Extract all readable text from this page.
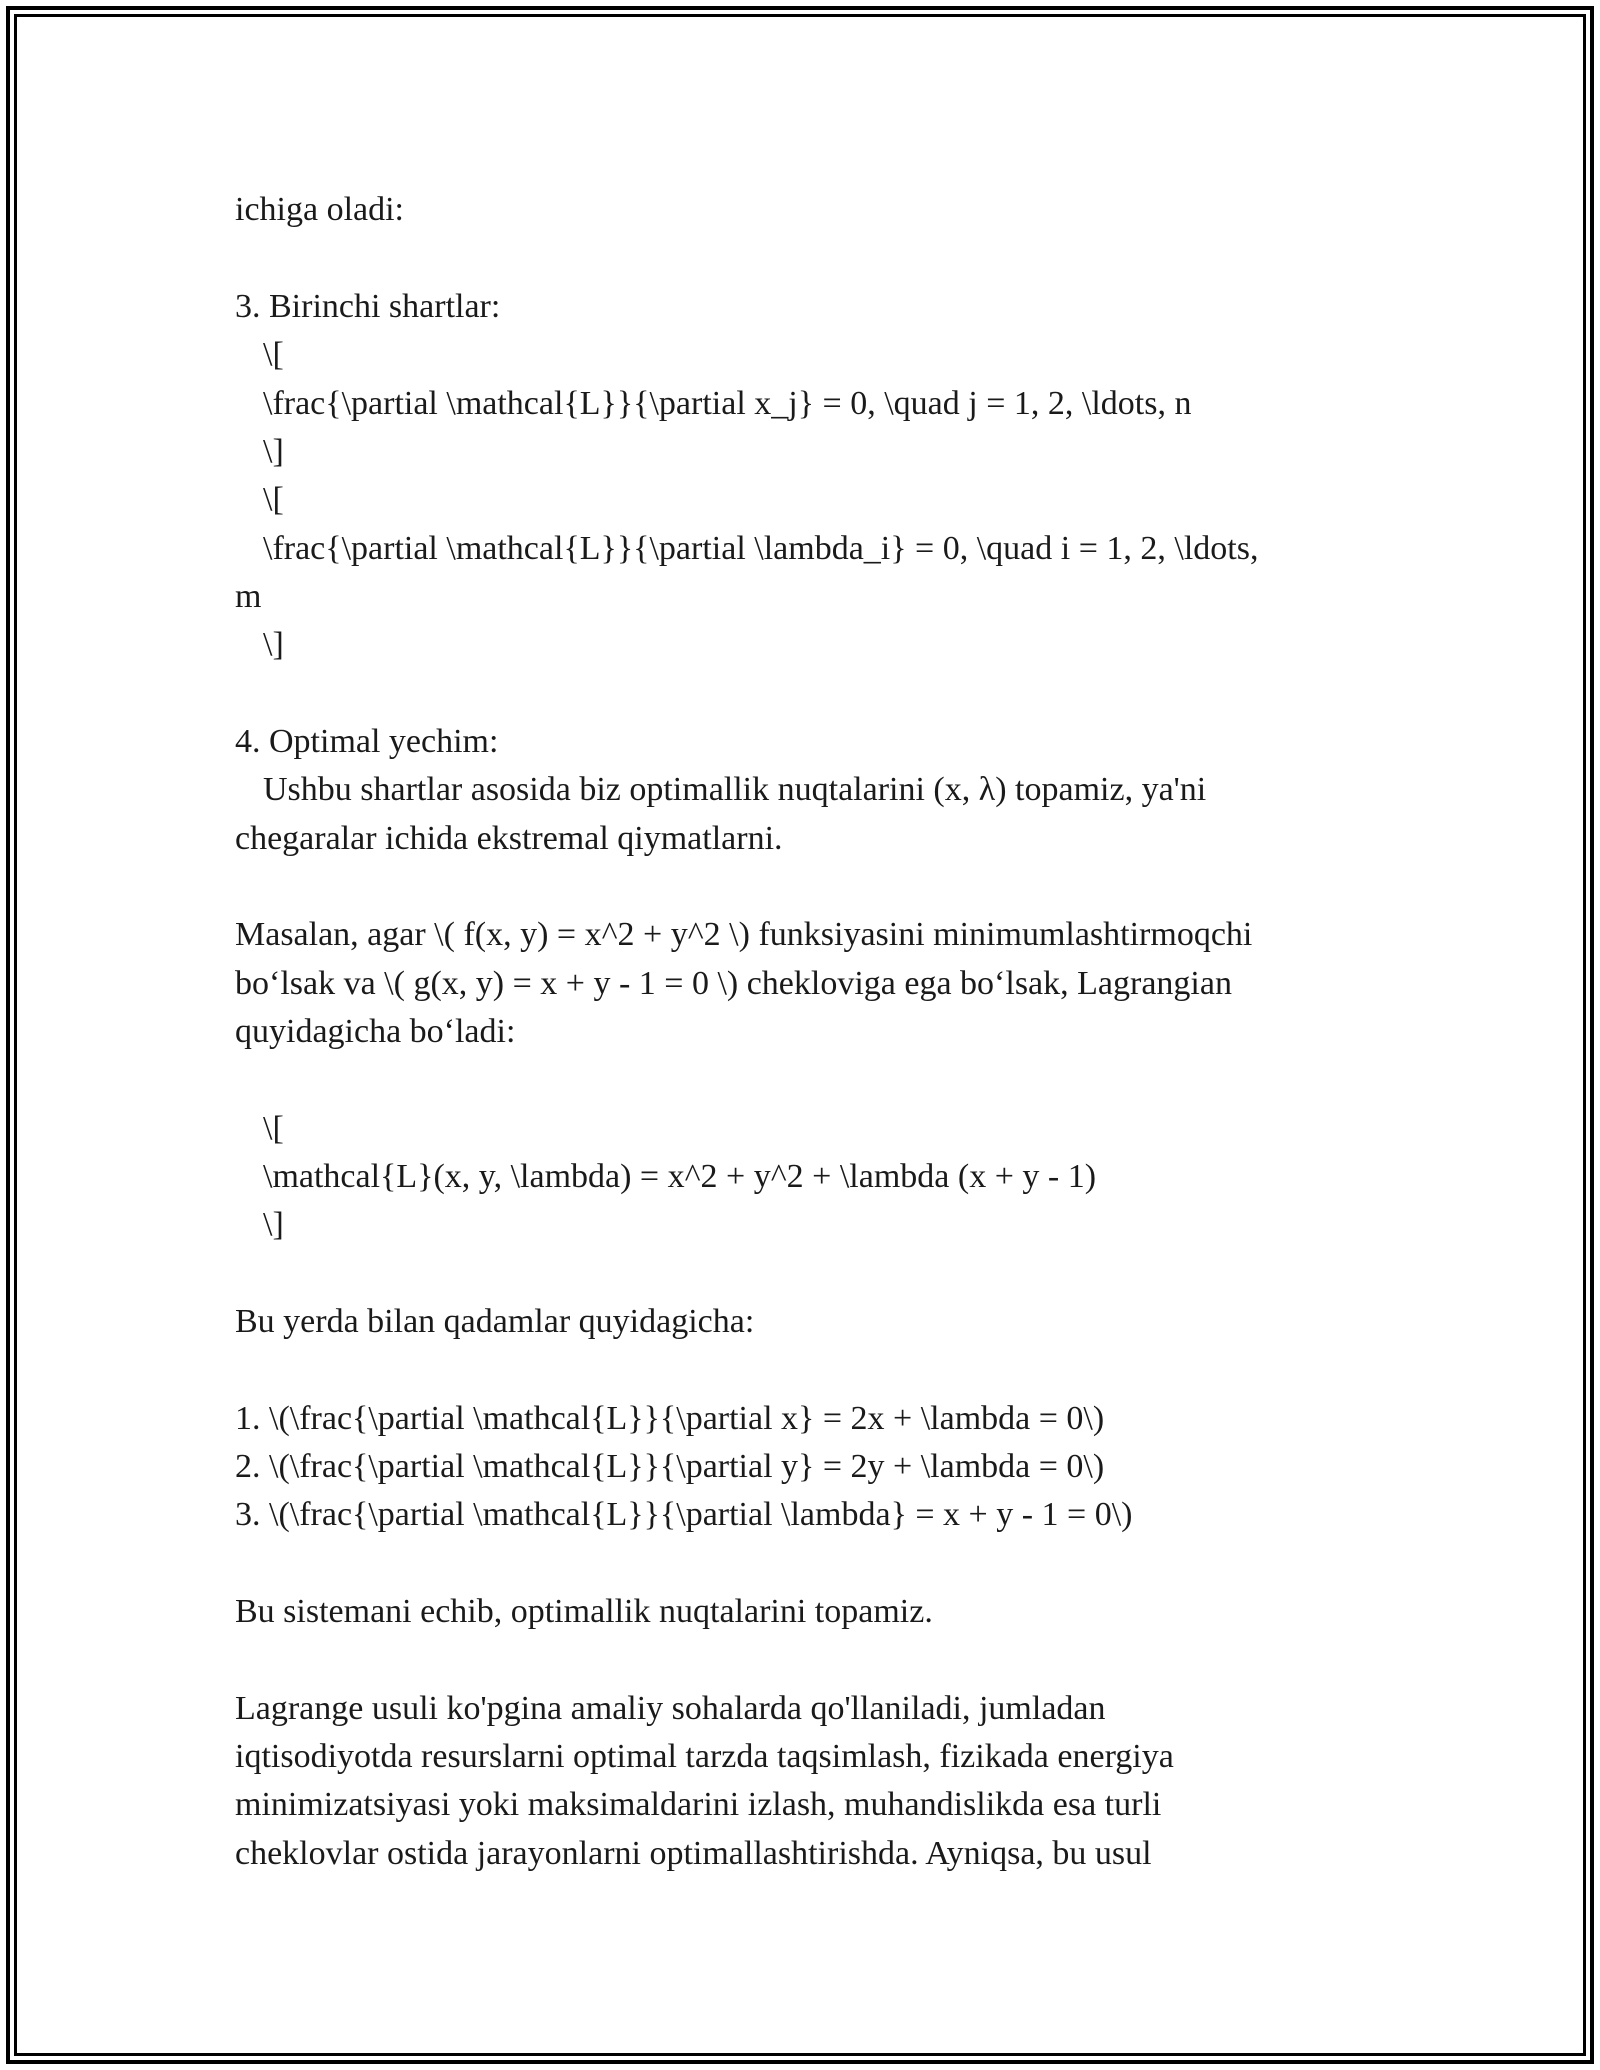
ichiga oladi:
3. Birinchi shartlar:
\[
\frac{\partial \mathcal{L}}{\partial x_j} = 0, \quad j = 1, 2, \ldots, n
\]
\[
\frac{\partial \mathcal{L}}{\partial \lambda_i} = 0, \quad i = 1, 2, \ldots,
m
\]
4. Optimal yechim:
Ushbu shartlar asosida biz optimallik nuqtalarini (x, λ) topamiz, ya'ni
chegaralar ichida ekstremal qiymatlarni.
Masalan, agar \( f(x, y) = x^2 + y^2 \) funksiyasini minimumlashtirmoqchi
bo‘lsak va \( g(x, y) = x + y - 1 = 0 \) chekloviga ega bo‘lsak, Lagrangian
quyidagicha bo‘ladi:
\[
\mathcal{L}(x, y, \lambda) = x^2 + y^2 + \lambda (x + y - 1)
\]
Bu yerda bilan qadamlar quyidagicha:
1. \(\frac{\partial \mathcal{L}}{\partial x} = 2x + \lambda = 0\)
2. \(\frac{\partial \mathcal{L}}{\partial y} = 2y + \lambda = 0\)
3. \(\frac{\partial \mathcal{L}}{\partial \lambda} = x + y - 1 = 0\)
Bu sistemani echib, optimallik nuqtalarini topamiz.
Lagrange usuli ko'pgina amaliy sohalarda qo'llaniladi, jumladan
iqtisodiyotda resurslarni optimal tarzda taqsimlash, fizikada energiya
minimizatsiyasi yoki maksimaldarini izlash, muhandislikda esa turli
cheklovlar ostida jarayonlarni optimallashtirishda. Ayniqsa, bu usul
